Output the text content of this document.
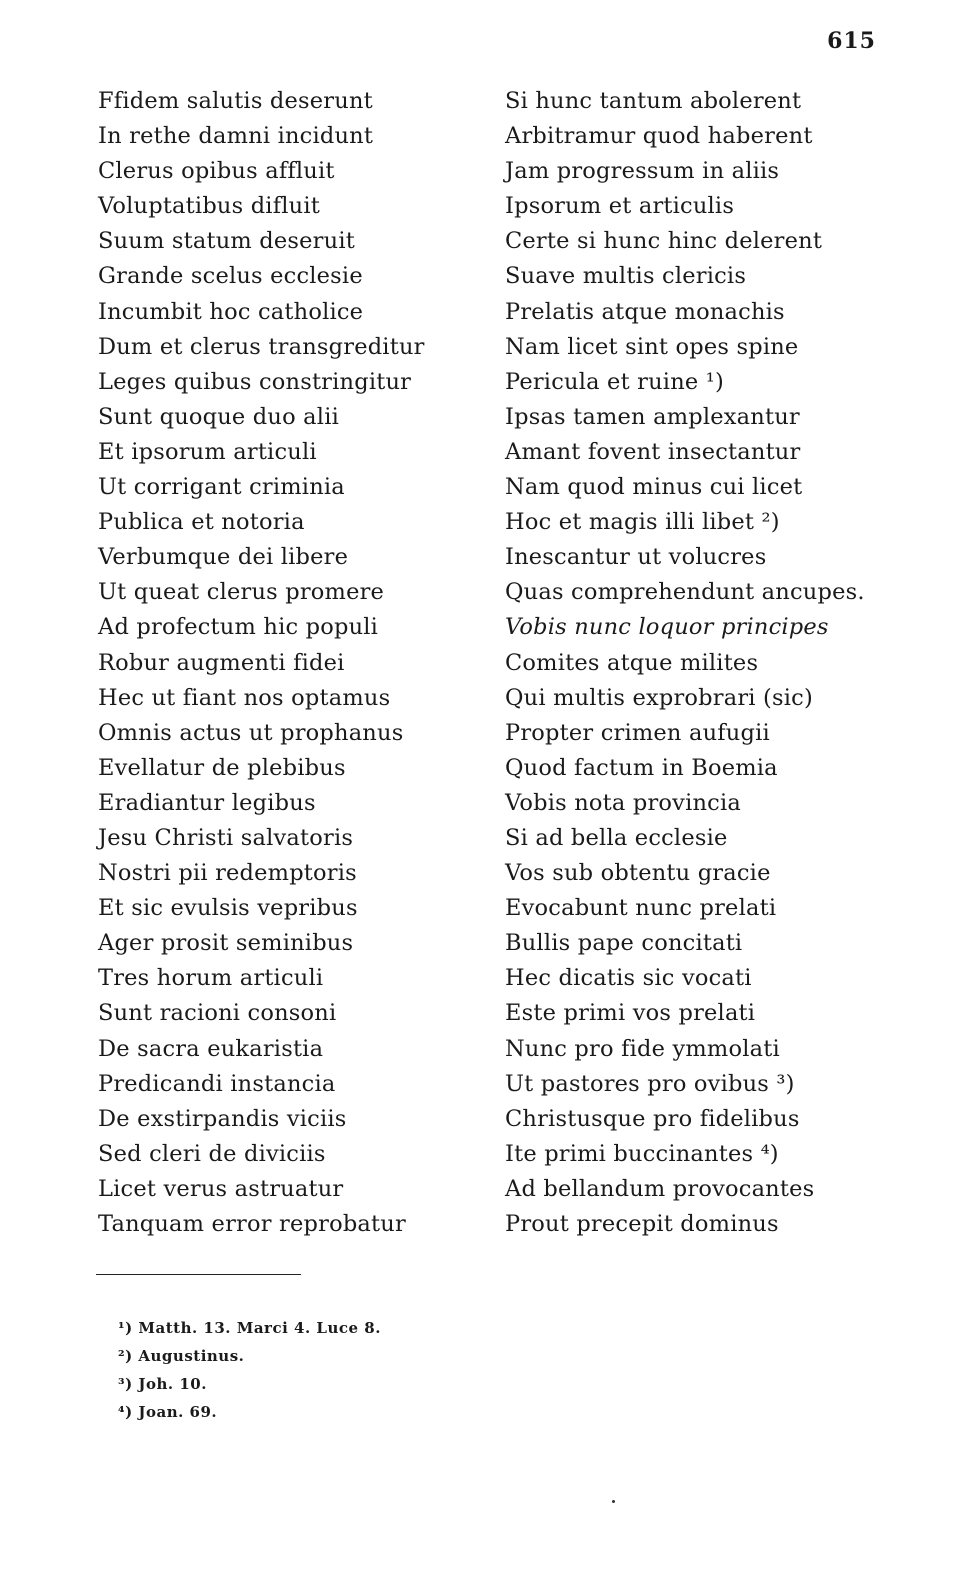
615
Ffidem salutis deserunt
In rethe damni incidunt
Clerus opibus affluit
Voluptatibus difluit
Suum statum deseruit
Grande scelus ecclesie
Incumbit hoc catholice
Dum et clerus transgreditur
Leges quibus constringitur
Sunt quoque duo alii
Et ipsorum articuli
Ut corrigant criminia
Publica et notoria
Verbumque dei libere
Ut queat clerus promere
Ad profectum hic populi
Robur augmenti fidei
Hec ut fiant nos optamus
Omnis actus ut prophanus
Evellatur de plebibus
Eradiantur legibus
Jesu Christi salvatoris
Nostri pii redemptoris
Et sic evulsis vepribus
Ager prosit seminibus
Tres horum articuli
Sunt racioni consoni
De sacra eukaristia
Predicandi instancia
De exstirpandis viciis
Sed cleri de diviciis
Licet verus astruatur
Tanquam error reprobatur
Si hunc tantum abolerent
Arbitramur quod haberent
Jam progressum in aliis
Ipsorum et articulis
Certe si hunc hinc delerent
Suave multis clericis
Prelatis atque monachis
Nam licet sint opes spine
Pericula et ruine ¹)
Ipsas tamen amplexantur
Amant fovent insectantur
Nam quod minus cui licet
Hoc et magis illi libet ²)
Inescantur ut volucres
Quas comprehendunt ancupes.
Vobis nunc loquor principes
Comites atque milites
Qui multis exprobrari (sic)
Propter crimen aufugii
Quod factum in Boemia
Vobis nota provincia
Si ad bella ecclesie
Vos sub obtentu gracie
Evocabunt nunc prelati
Bullis pape concitati
Hec dicatis sic vocati
Este primi vos prelati
Nunc pro fide ymmolati
Ut pastores pro ovibus ³)
Christusque pro fidelibus
Ite primi buccinantes ⁴)
Ad bellandum provocantes
Prout precepit dominus
¹) Matth. 13. Marci 4. Luce 8.
²) Augustinus.
³) Joh. 10.
⁴) Joan. 69.
